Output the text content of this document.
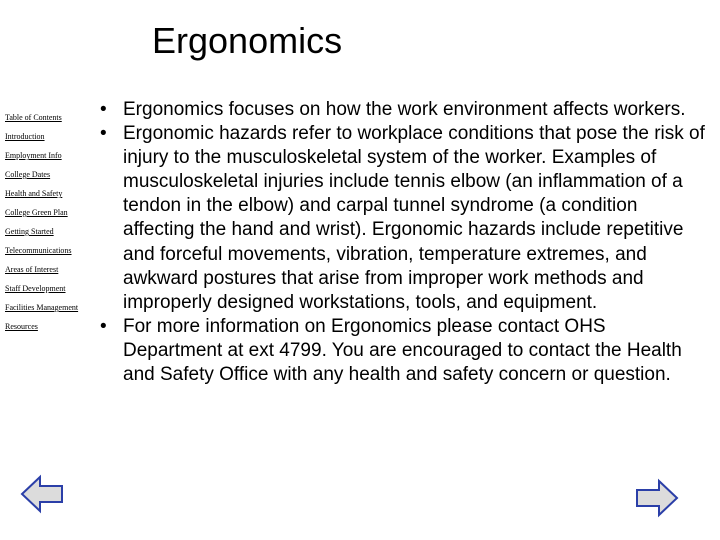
Ergonomics
Table of Contents
Introduction
Employment Info
College Dates
Health and Safety
College Green Plan
Getting Started
Telecommunications
Areas of Interest
Staff Development
Facilities Management
Resources
• Ergonomics focuses on how the work environment affects workers.
• Ergonomic hazards refer to workplace conditions that pose the risk of injury to the musculoskeletal system of the worker. Examples of musculoskeletal injuries include tennis elbow (an inflammation of a tendon in the elbow) and carpal tunnel syndrome (a condition affecting the hand and wrist). Ergonomic hazards include repetitive and forceful movements, vibration, temperature extremes, and awkward postures that arise from improper work methods and improperly designed workstations, tools, and equipment.
• For more information on Ergonomics please contact OHS Department at ext 4799. You are encouraged to contact the Health and Safety Office with any health and safety concern or question.
